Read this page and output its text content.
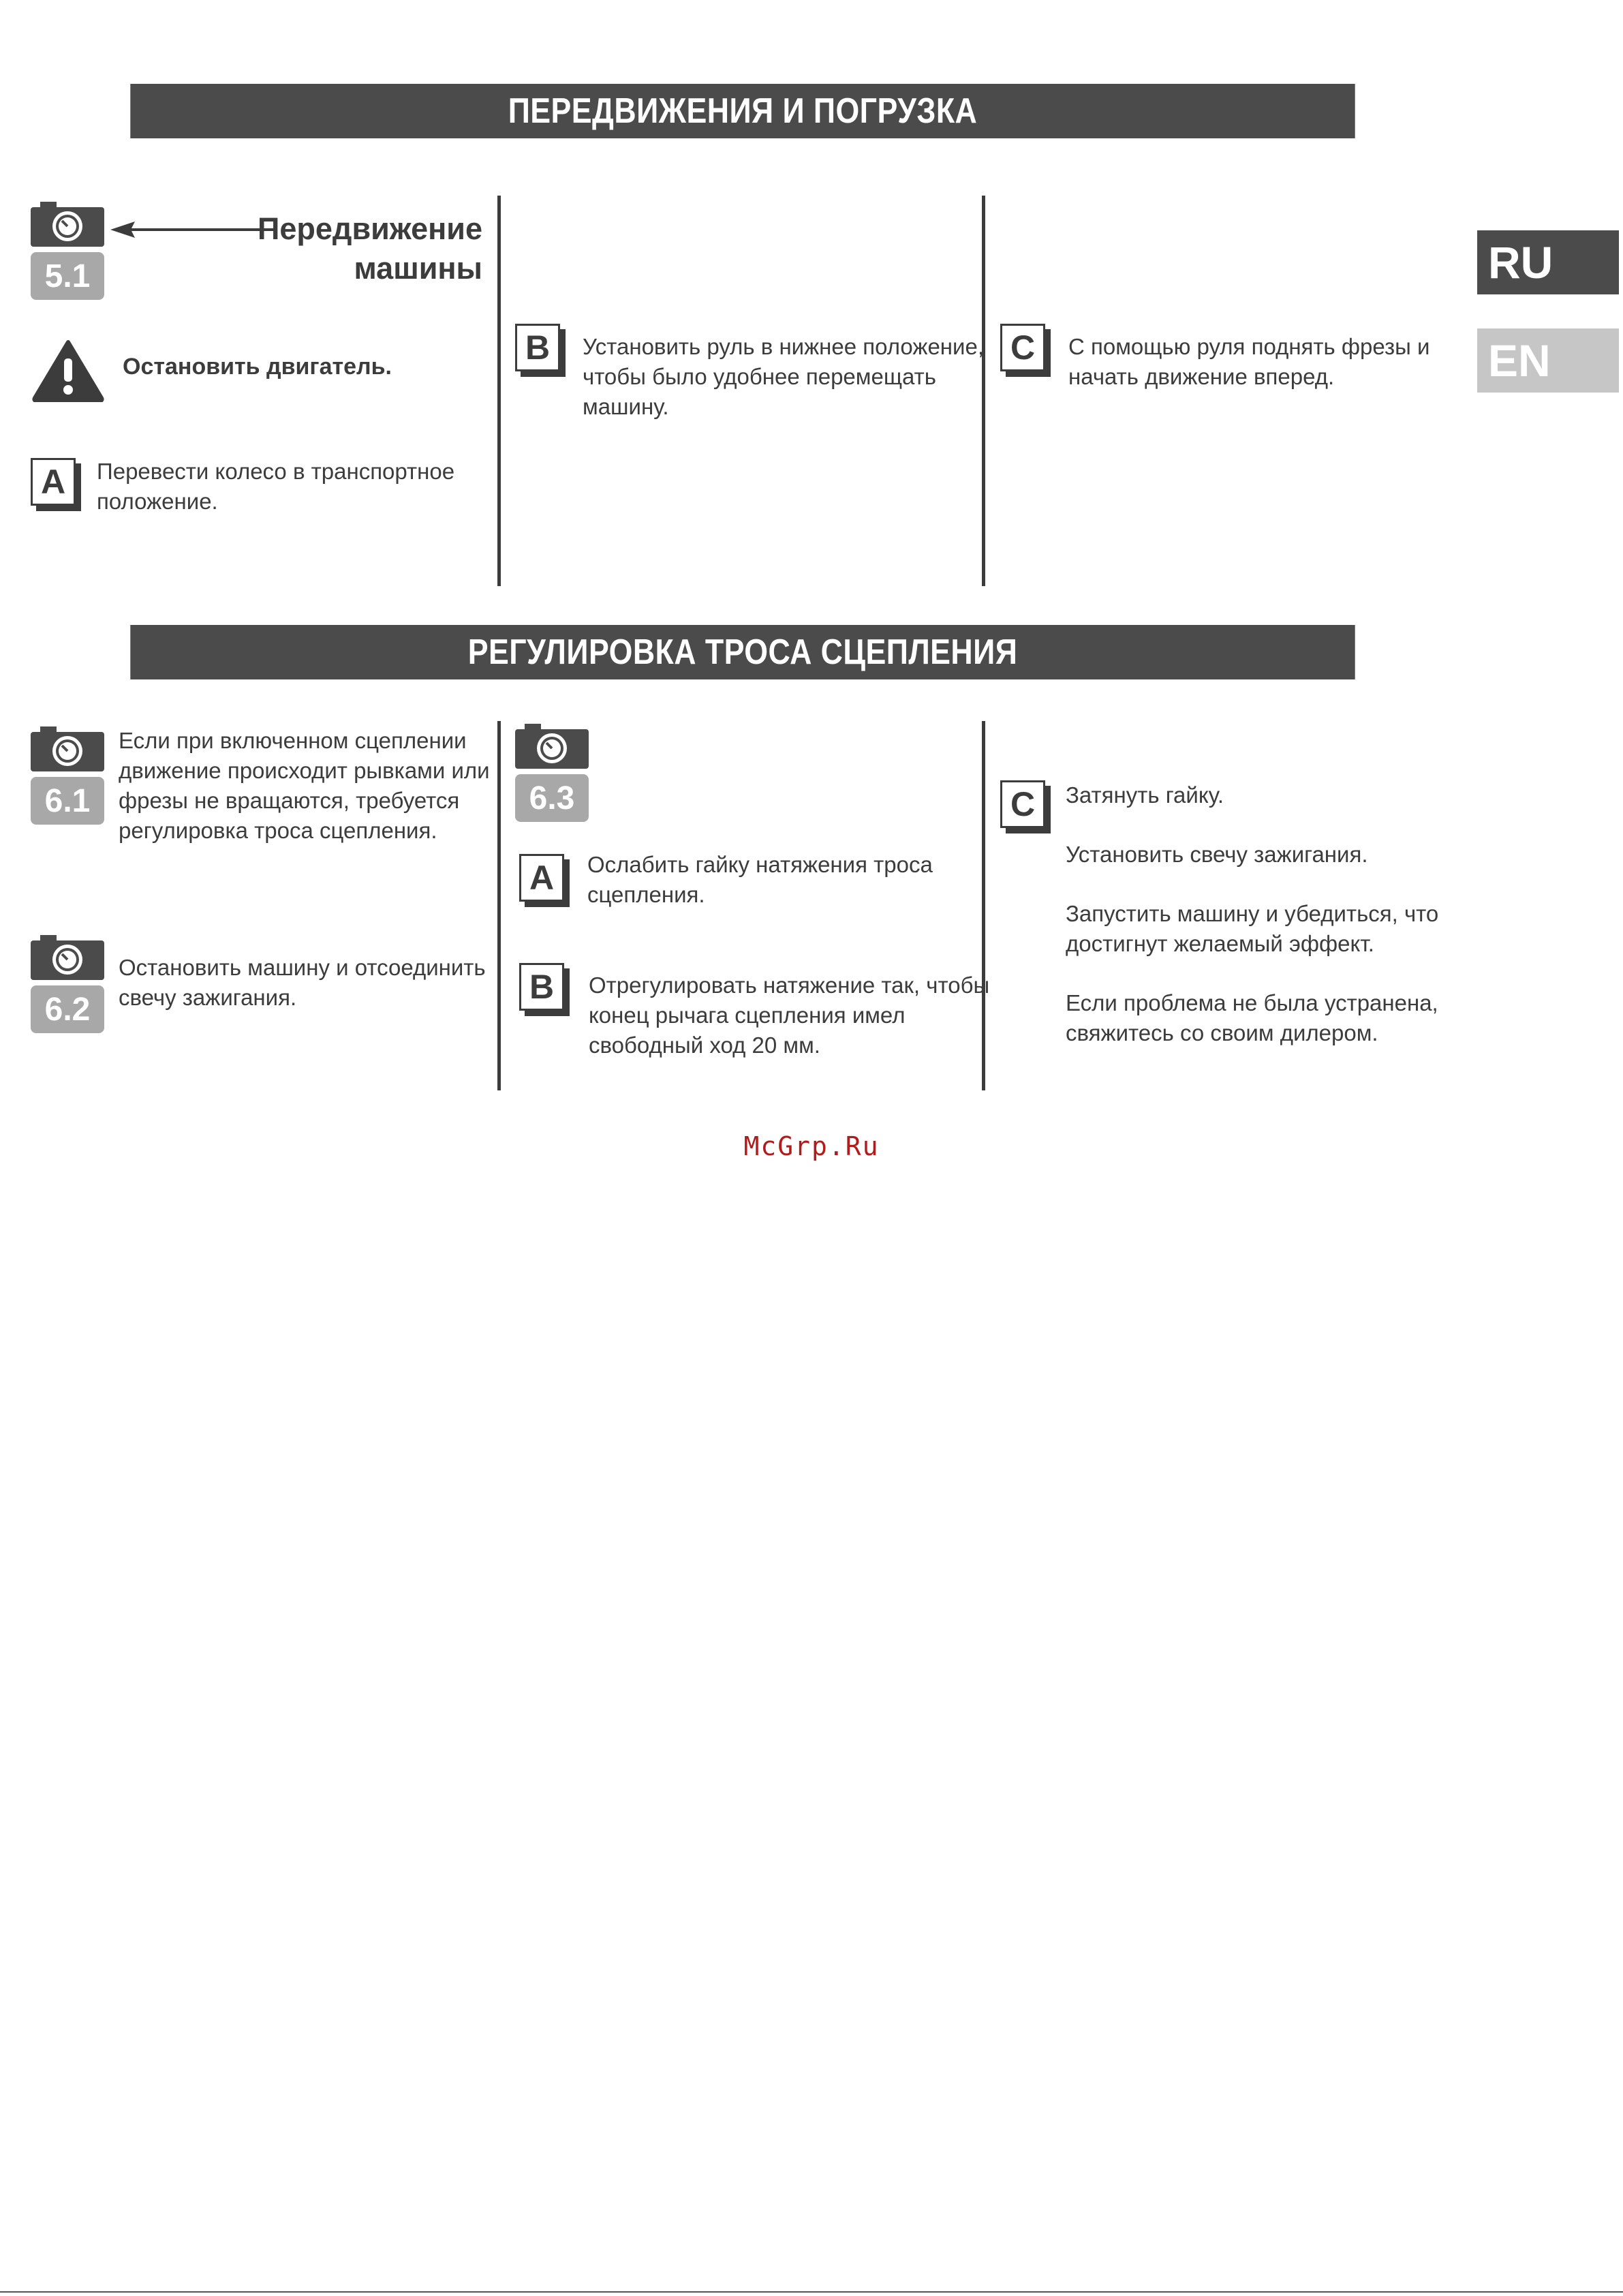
ПЕРЕДВИЖЕНИЯ И ПОГРУЗКА
RU
EN
5.1
Передвижение
машины
Остановить двигатель.
A	Перевести колесо в транспортное

положение.

B	Установить руль в нижнее положение,

чтобы было удобнее перемещать

машину.

C	С помощью руля поднять фрезы и

начать движение вперед.

РЕГУЛИРОВКА ТРОСА СЦЕПЛЕНИЯ
6.1

Если при включенном сцеплении

движение происходит рывками или

фрезы не вращаются, требуется

регулировка троса сцепления.

6.2

Остановить машину и отсоединить

свечу зажигания.

6.3
A	Ослабить гайку натяжения троса

сцепления.

B	Отрегулировать натяжение так, чтобы

конец рычага сцепления имел

свободный ход 20 мм.

C	Затянуть гайку.

Установить свечу зажигания.

Запустить машину и убедиться, что

достигнут желаемый эффект.

Если проблема не была устранена,

свяжитесь со своим дилером.

McGrp.Ru
